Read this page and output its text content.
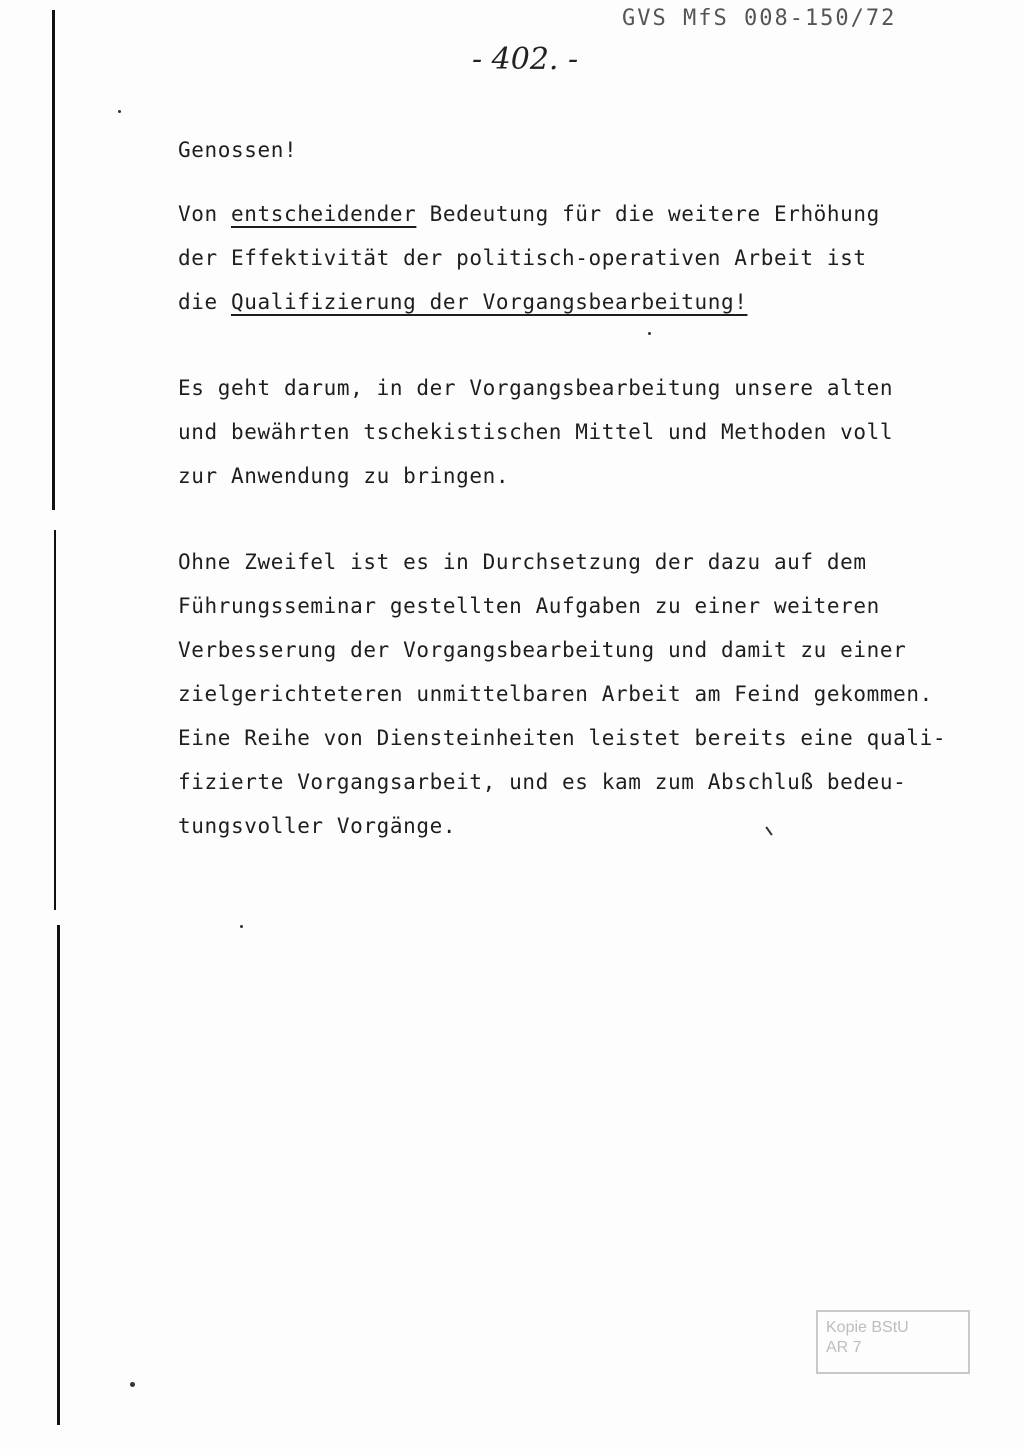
GVS MfS 008-150/72
- 402. -

Genossen!

Von entscheidender Bedeutung für die weitere Erhöhung

der Effektivität der politisch-operativen Arbeit ist

die Qualifizierung der Vorgangsbearbeitung!

Es geht darum, in der Vorgangsbearbeitung unsere alten

und bewährten tschekistischen Mittel und Methoden voll

zur Anwendung zu bringen.

Ohne Zweifel ist es in Durchsetzung der dazu auf dem

Führungsseminar gestellten Aufgaben zu einer weiteren

Verbesserung der Vorgangsbearbeitung und damit zu einer

zielgerichteteren unmittelbaren Arbeit am Feind gekommen.

Eine Reihe von Diensteinheiten leistet bereits eine quali-

fizierte Vorgangsarbeit, und es kam zum Abschluß bedeu-

tungsvoller Vorgänge.

Kopie BStU
AR 7
